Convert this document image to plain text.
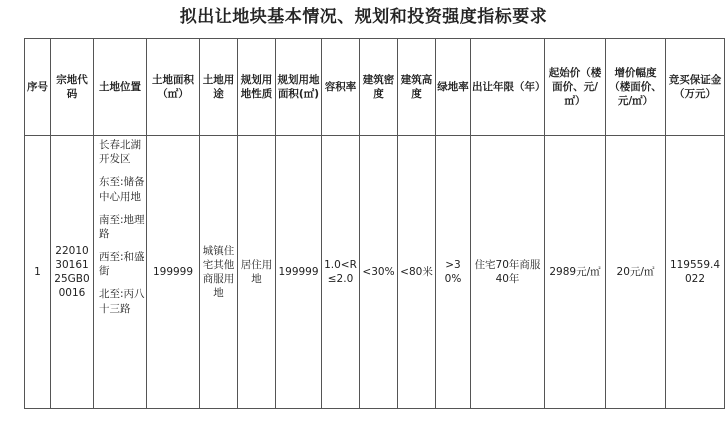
拟出让地块基本情况、规划和投资强度指标要求
序号	宗地代码	土地位置	土地面积（㎡）	土地用途	规划用地性质	规划用地面积(㎡)	容积率	建筑密度	建筑高度	绿地率	出让年限（年）	起始价（楼面价、元/㎡）	增价幅度（楼面价、元/㎡）	竞买保证金（万元）
1	220103016125GB00016	长春北湖开发区
东至:储备中心用地
南至:地理路
西至:和盛街
北至:丙八十三路	199999	城镇住宅其他商服用地	居住用地	199999	1.0<R≤2.0	<30%	<80米	>30%	住宅70年商服40年	2989元/㎡	20元/㎡	119559.4022
